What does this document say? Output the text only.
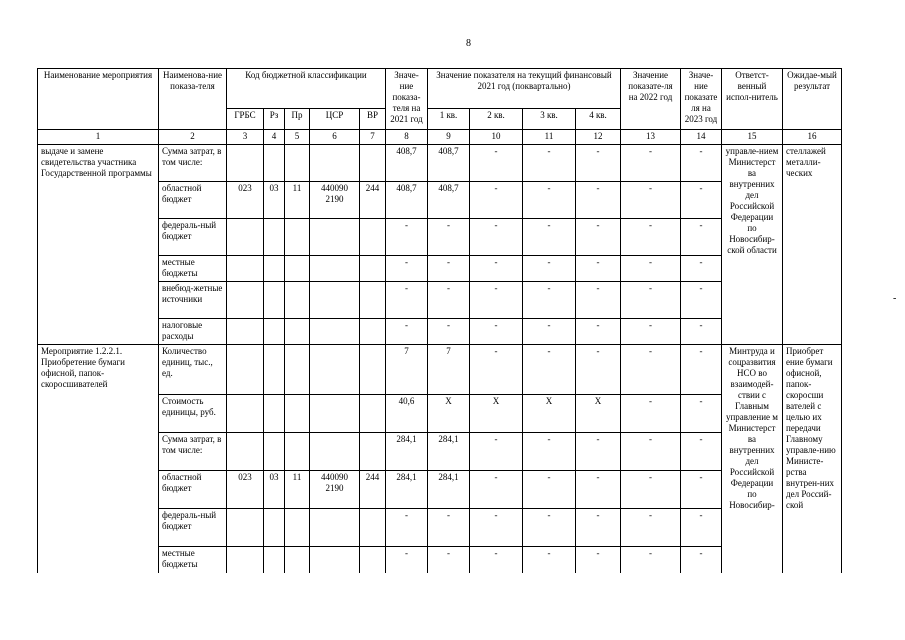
8
-
Наименование мероприятия	Наименова-ние показа-теля	Код бюджетной классификации					Значе-ние показа-теля на 2021 год	Значение показателя на текущий финансовый 2021 год (поквартально)				Значение показате-ля на 2022 год	Значе-ние показате ля на 2023 год	Ответст-венный испол-нитель	Ожидае-мый результат
		ГРБС	Рз	Пр	ЦСР	ВР		1 кв.	2 кв.	3 кв.	4 кв.				
1	2	3	4	5	6	7	8	9	10	11	12	13	14	15	16
выдаче и замене свидетельства участника Государственной программы	Сумма затрат, в том числе:						408,7	408,7	-	-	-	-	-	управле-нием Министерст ва внутренних дел Российской Федерации по Новосибир-ской области	стеллажей металли-ческих
	областной бюджет	023	03	11	440090 2190	244	408,7	408,7	-	-	-	-	-		
	федераль-ный бюджет						-	-	-	-	-	-	-		
	местные бюджеты						-	-	-	-	-	-	-		
	внебюд-жетные источники						-	-	-	-	-	-	-		
	налоговые расходы						-	-	-	-	-	-	-		
Мероприятие 1.2.2.1. Приобретение бумаги офисной, папок-скоросшивателей	Количество единиц, тыс., ед.						7	7	-	-	-	-	-	Минтруда и соцразвития НСО во взаимодей-ствии с Главным управление м Министерст ва внутренних дел Российской Федерации по Новосибир-	Приобрет ение бумаги офисной, папок-скоросши вателей с целью их передачи Главному управле-нию Министе-рства внутрен-них дел Россий-ской
	Стоимость единицы, руб.						40,6	X	X	X	X	-	-		
	Сумма затрат, в том числе:						284,1	284,1	-	-	-	-	-		
	областной бюджет	023	03	11	440090 2190	244	284,1	284,1	-	-	-	-	-		
	федераль-ный бюджет						-	-	-	-	-	-	-		
	местные бюджеты						-	-	-	-	-	-	-		
